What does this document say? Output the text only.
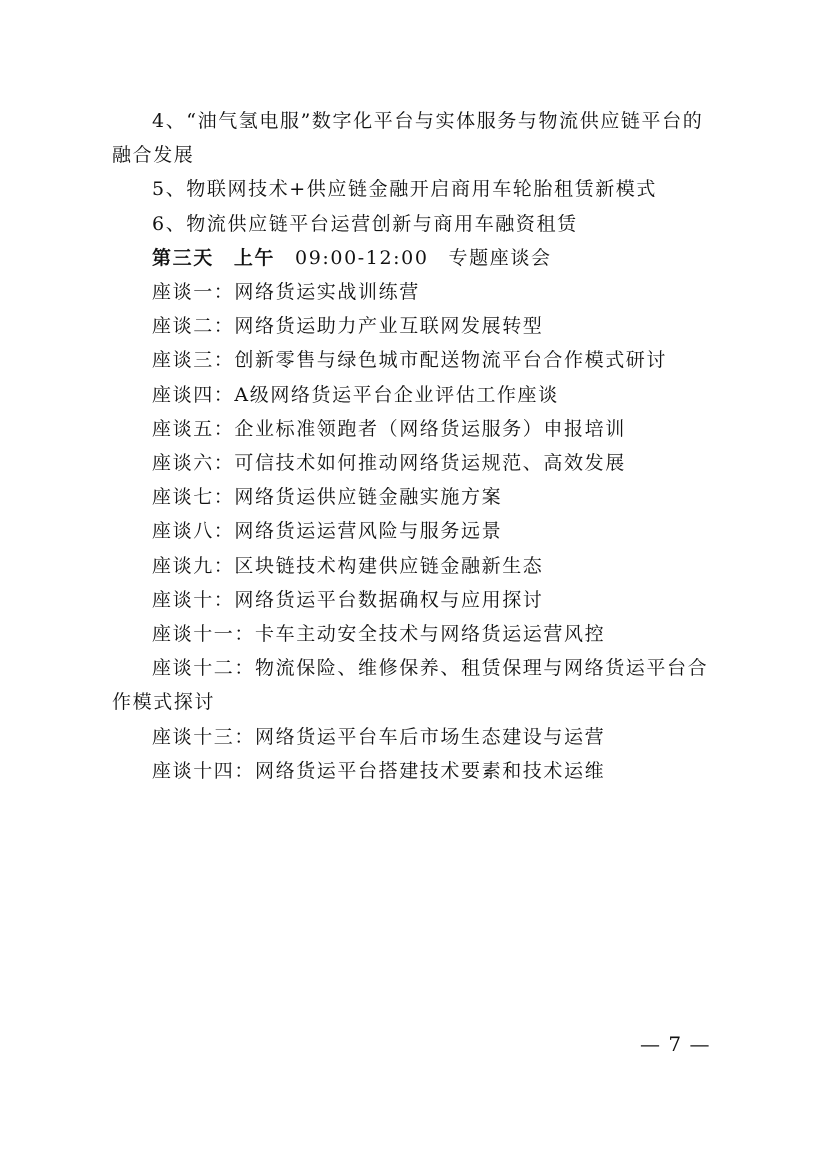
4、“油气氢电服”数字化平台与实体服务与物流供应链平台的融合发展

5、物联网技术+供应链金融开启商用车轮胎租赁新模式

6、物流供应链平台运营创新与商用车融资租赁

第三天 上午 09:00-12:00 专题座谈会

座谈一：网络货运实战训练营

座谈二：网络货运助力产业互联网发展转型

座谈三：创新零售与绿色城市配送物流平台合作模式研讨

座谈四：A级网络货运平台企业评估工作座谈

座谈五：企业标准领跑者（网络货运服务）申报培训

座谈六：可信技术如何推动网络货运规范、高效发展

座谈七：网络货运供应链金融实施方案

座谈八：网络货运运营风险与服务远景

座谈九：区块链技术构建供应链金融新生态

座谈十：网络货运平台数据确权与应用探讨

座谈十一：卡车主动安全技术与网络货运运营风控

座谈十二：物流保险、维修保养、租赁保理与网络货运平台合作模式探讨

座谈十三：网络货运平台车后市场生态建设与运营

座谈十四：网络货运平台搭建技术要素和技术运维

— 7 —
